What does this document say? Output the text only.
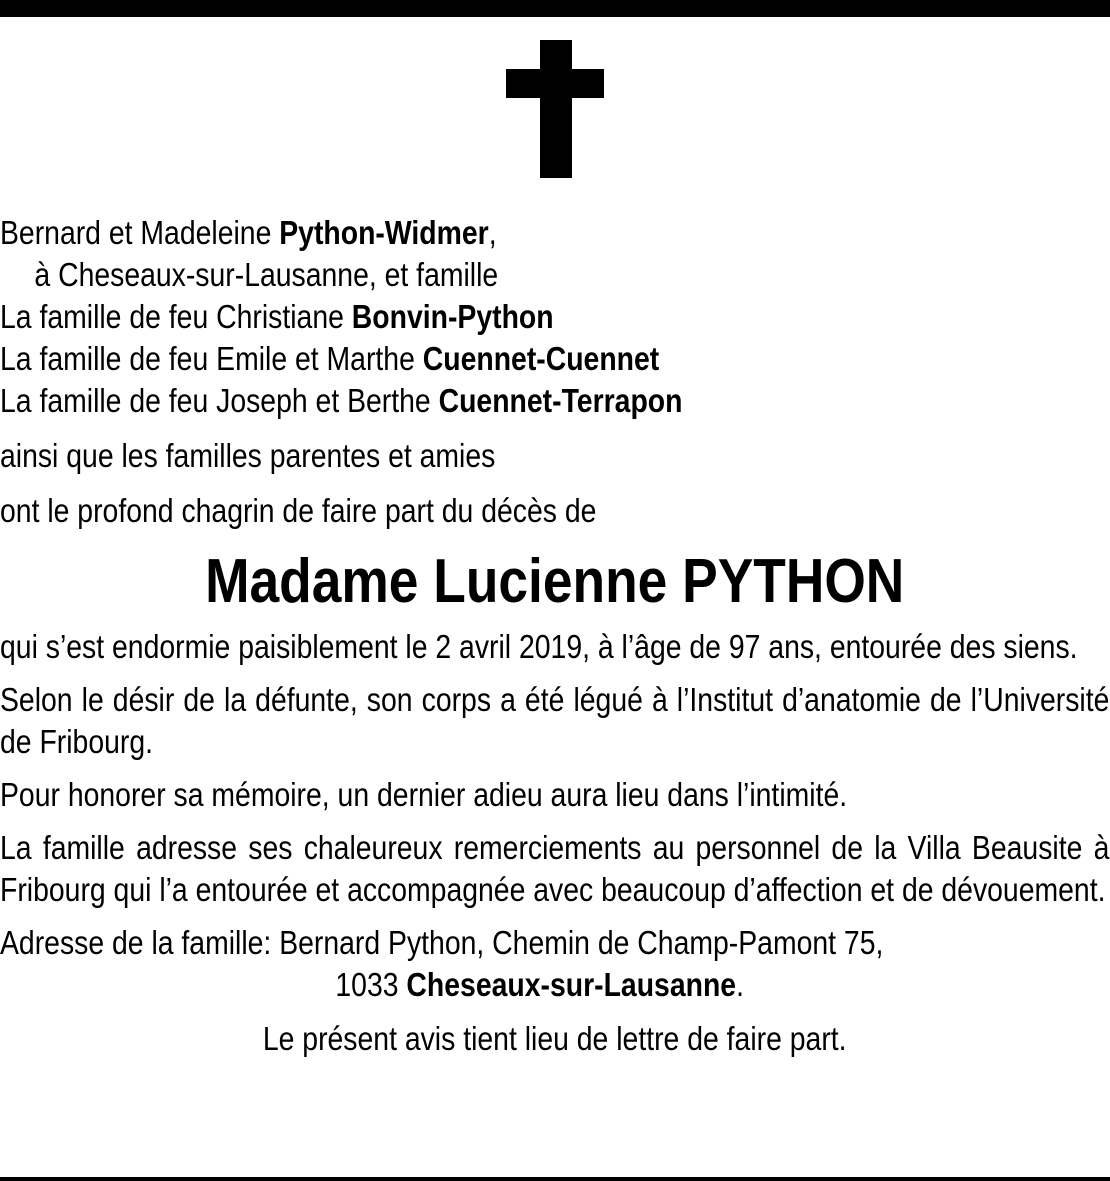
Bernard et Madeleine Python-Widmer,
à Cheseaux-sur-Lausanne, et famille
La famille de feu Christiane Bonvin-Python
La famille de feu Emile et Marthe Cuennet-Cuennet
La famille de feu Joseph et Berthe Cuennet-Terrapon
ainsi que les familles parentes et amies
ont le profond chagrin de faire part du décès de
Madame Lucienne PYTHON
qui s’est endormie paisiblement le 2 avril 2019, à l’âge de 97 ans, entourée des siens.
Selon le désir de la défunte, son corps a été légué à l’Institut d’anatomie de l’Université de Fribourg.
Pour honorer sa mémoire, un dernier adieu aura lieu dans l’intimité.
La famille adresse ses chaleureux remerciements au personnel de la Villa Beausite à Fribourg qui l’a entourée et accompagnée avec beaucoup d’affection et de dévouement.
Adresse de la famille: Bernard Python, Chemin de Champ-Pamont 75,
1033 Cheseaux-sur-Lausanne.
Le présent avis tient lieu de lettre de faire part.
